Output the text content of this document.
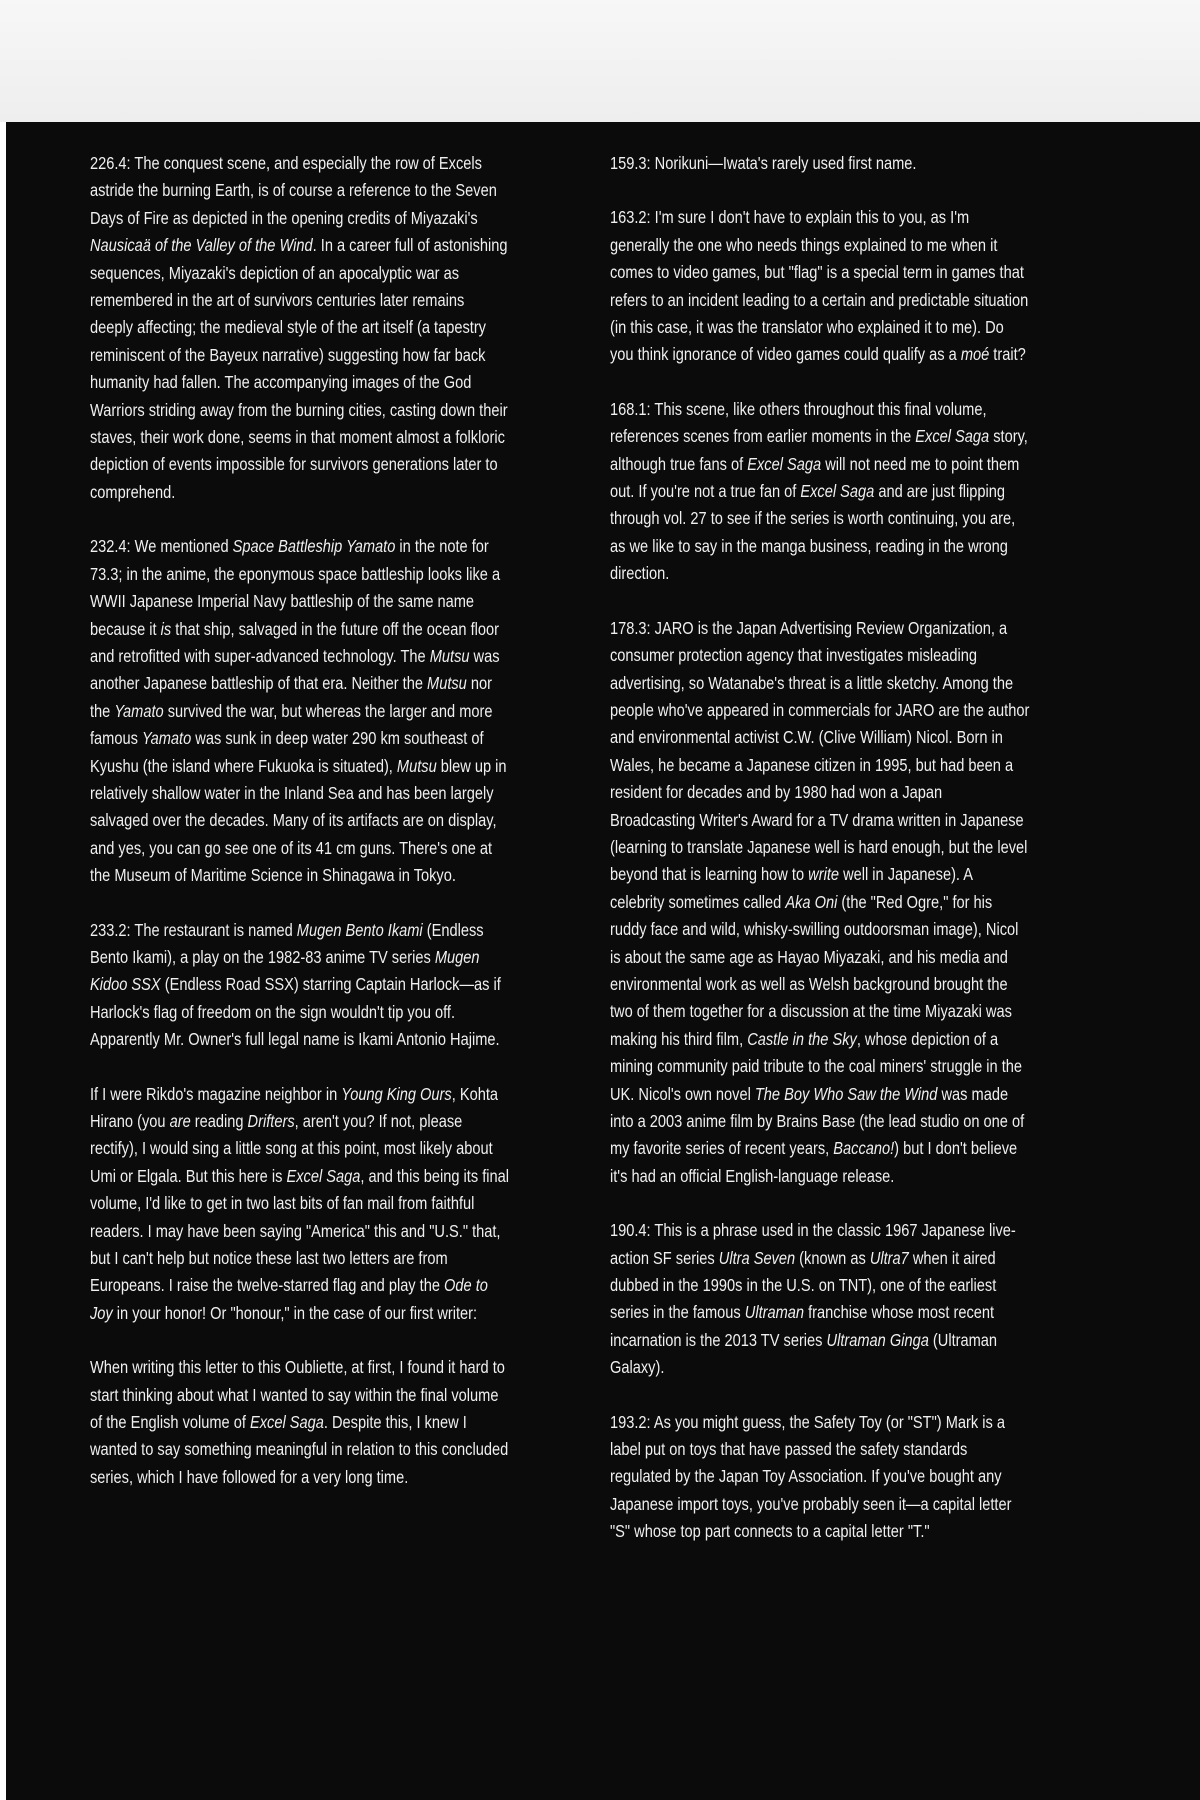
226.4: The conquest scene, and especially the row of Excels astride the burning Earth, is of course a reference to the Seven Days of Fire as depicted in the opening credits of Miyazaki's Nausicaä of the Valley of the Wind. In a career full of astonishing sequences, Miyazaki's depiction of an apocalyptic war as remembered in the art of survivors centuries later remains deeply affecting; the medieval style of the art itself (a tapestry reminiscent of the Bayeux narrative) suggesting how far back humanity had fallen. The accompanying images of the God Warriors striding away from the burning cities, casting down their staves, their work done, seems in that moment almost a folkloric depiction of events impossible for survivors generations later to comprehend.

232.4: We mentioned Space Battleship Yamato in the note for 73.3; in the anime, the eponymous space battleship looks like a WWII Japanese Imperial Navy battleship of the same name because it is that ship, salvaged in the future off the ocean floor and retrofitted with super-advanced technology. The Mutsu was another Japanese battleship of that era. Neither the Mutsu nor the Yamato survived the war, but whereas the larger and more famous Yamato was sunk in deep water 290 km southeast of Kyushu (the island where Fukuoka is situated), Mutsu blew up in relatively shallow water in the Inland Sea and has been largely salvaged over the decades. Many of its artifacts are on display, and yes, you can go see one of its 41 cm guns. There's one at the Museum of Maritime Science in Shinagawa in Tokyo.

233.2: The restaurant is named Mugen Bento Ikami (Endless Bento Ikami), a play on the 1982-83 anime TV series Mugen Kidoo SSX (Endless Road SSX) starring Captain Harlock—as if Harlock's flag of freedom on the sign wouldn't tip you off. Apparently Mr. Owner's full legal name is Ikami Antonio Hajime.

If I were Rikdo's magazine neighbor in Young King Ours, Kohta Hirano (you are reading Drifters, aren't you? If not, please rectify), I would sing a little song at this point, most likely about Umi or Elgala. But this here is Excel Saga, and this being its final volume, I'd like to get in two last bits of fan mail from faithful readers. I may have been saying "America" this and "U.S." that, but I can't help but notice these last two letters are from Europeans. I raise the twelve-starred flag and play the Ode to Joy in your honor! Or "honour," in the case of our first writer:

When writing this letter to this Oubliette, at first, I found it hard to start thinking about what I wanted to say within the final volume of the English volume of Excel Saga. Despite this, I knew I wanted to say something meaningful in relation to this concluded series, which I have followed for a very long time.

159.3: Norikuni—Iwata's rarely used first name.

163.2: I'm sure I don't have to explain this to you, as I'm generally the one who needs things explained to me when it comes to video games, but "flag" is a special term in games that refers to an incident leading to a certain and predictable situation (in this case, it was the translator who explained it to me). Do you think ignorance of video games could qualify as a moé trait?

168.1: This scene, like others throughout this final volume, references scenes from earlier moments in the Excel Saga story, although true fans of Excel Saga will not need me to point them out. If you're not a true fan of Excel Saga and are just flipping through vol. 27 to see if the series is worth continuing, you are, as we like to say in the manga business, reading in the wrong direction.

178.3: JARO is the Japan Advertising Review Organization, a consumer protection agency that investigates misleading advertising, so Watanabe's threat is a little sketchy. Among the people who've appeared in commercials for JARO are the author and environmental activist C.W. (Clive William) Nicol. Born in Wales, he became a Japanese citizen in 1995, but had been a resident for decades and by 1980 had won a Japan Broadcasting Writer's Award for a TV drama written in Japanese (learning to translate Japanese well is hard enough, but the level beyond that is learning how to write well in Japanese). A celebrity sometimes called Aka Oni (the "Red Ogre," for his ruddy face and wild, whisky-swilling outdoorsman image), Nicol is about the same age as Hayao Miyazaki, and his media and environmental work as well as Welsh background brought the two of them together for a discussion at the time Miyazaki was making his third film, Castle in the Sky, whose depiction of a mining community paid tribute to the coal miners' struggle in the UK. Nicol's own novel The Boy Who Saw the Wind was made into a 2003 anime film by Brains Base (the lead studio on one of my favorite series of recent years, Baccano!) but I don't believe it's had an official English-language release.

190.4: This is a phrase used in the classic 1967 Japanese live-action SF series Ultra Seven (known as Ultra7 when it aired dubbed in the 1990s in the U.S. on TNT), one of the earliest series in the famous Ultraman franchise whose most recent incarnation is the 2013 TV series Ultraman Ginga (Ultraman Galaxy).

193.2: As you might guess, the Safety Toy (or "ST") Mark is a label put on toys that have passed the safety standards regulated by the Japan Toy Association. If you've bought any Japanese import toys, you've probably seen it—a capital letter "S" whose top part connects to a capital letter "T."
